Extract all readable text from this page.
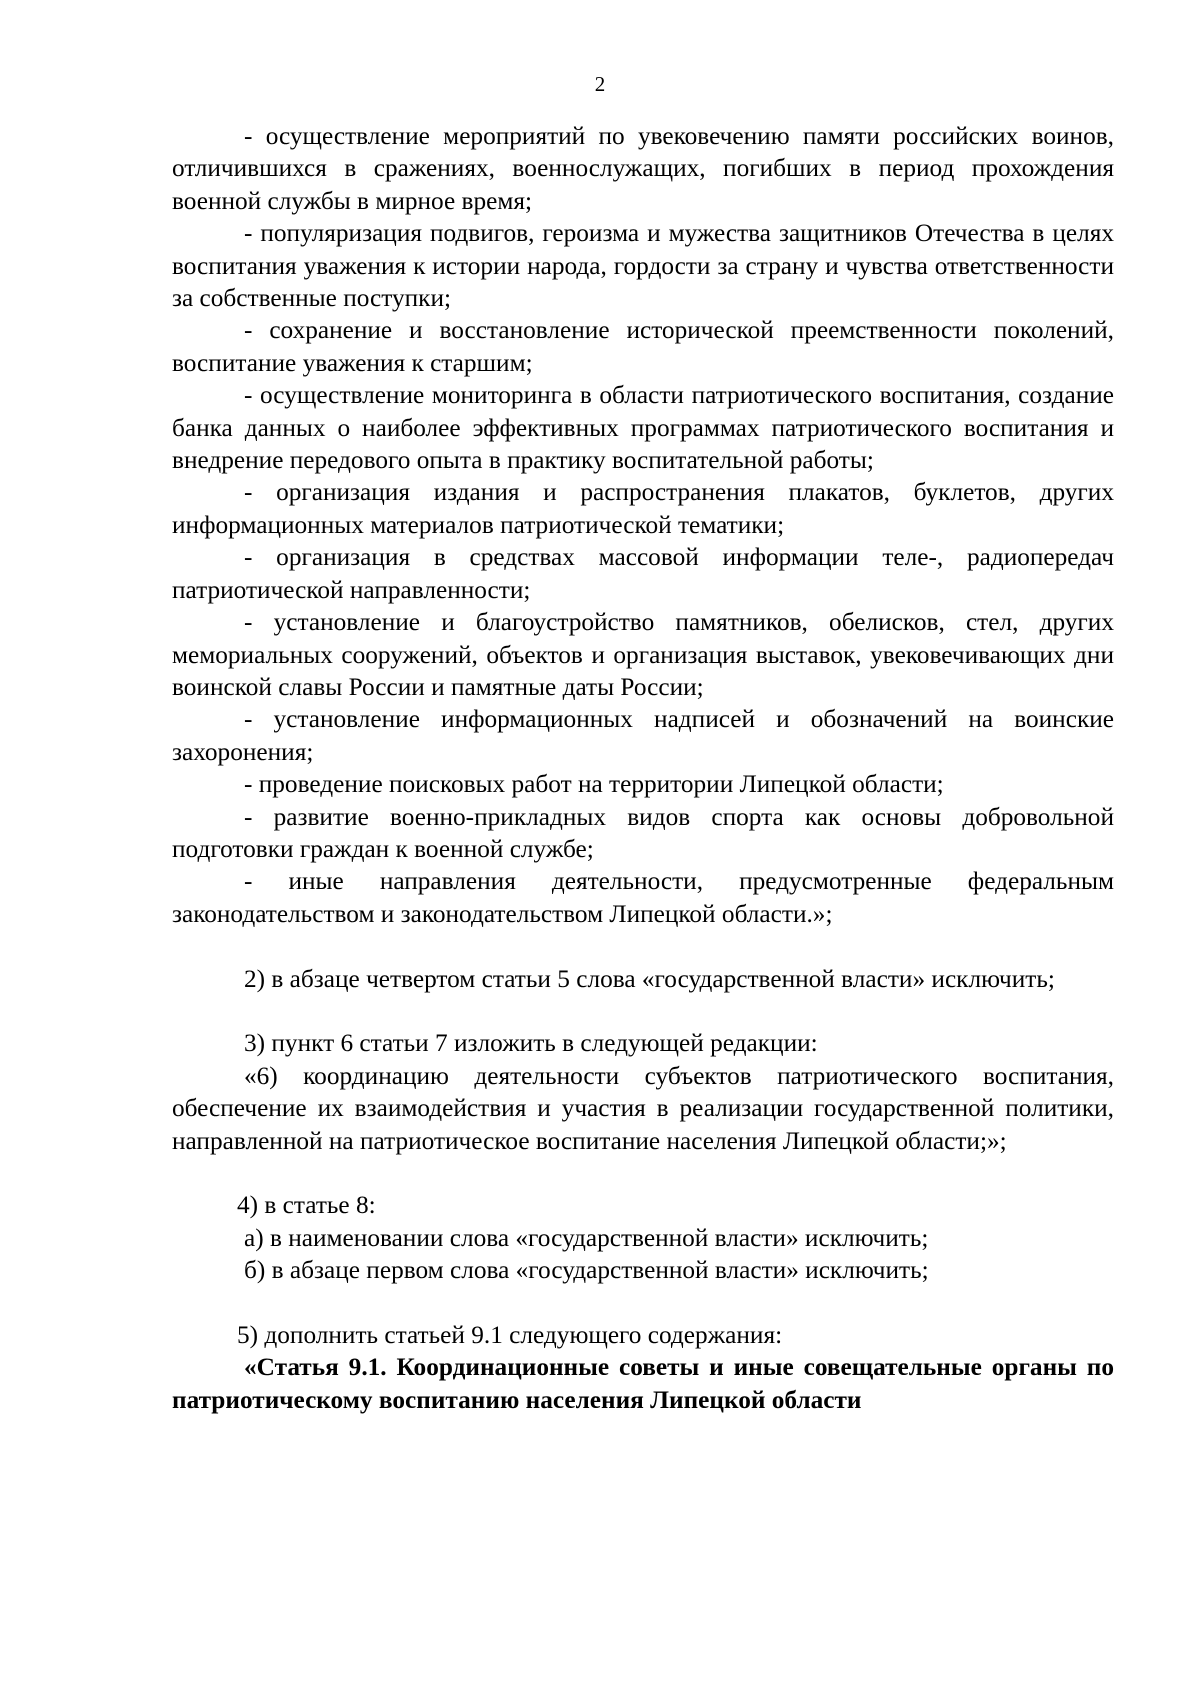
2

- осуществление мероприятий по увековечению памяти российских воинов, отличившихся в сражениях, военнослужащих, погибших в период прохождения военной службы в мирное время;

- популяризация подвигов, героизма и мужества защитников Отечества в целях воспитания уважения к истории народа, гордости за страну и чувства ответственности за собственные поступки;

- сохранение и восстановление исторической преемственности поколений, воспитание уважения к старшим;

- осуществление мониторинга в области патриотического воспитания, создание банка данных о наиболее эффективных программах патриотического воспитания и внедрение передового опыта в практику воспитательной работы;

- организация издания и распространения плакатов, буклетов, других информационных материалов патриотической тематики;

- организация в средствах массовой информации теле-, радиопередач патриотической направленности;

- установление и благоустройство памятников, обелисков, стел, других мемориальных сооружений, объектов и организация выставок, увековечивающих дни воинской славы России и памятные даты России;

- установление информационных надписей и обозначений на воинские захоронения;

- проведение поисковых работ на территории Липецкой области;

- развитие военно-прикладных видов спорта как основы добровольной подготовки граждан к военной службе;

- иные направления деятельности, предусмотренные федеральным законодательством и законодательством Липецкой области.»;

2) в абзаце четвертом статьи 5 слова «государственной власти» исключить;

3) пункт 6 статьи 7 изложить в следующей редакции:

«6) координацию деятельности субъектов патриотического воспитания, обеспечение их взаимодействия и участия в реализации государственной политики, направленной на патриотическое воспитание населения Липецкой области;»;

4) в статье 8:

а) в наименовании слова «государственной власти» исключить;

б) в абзаце первом слова «государственной власти» исключить;

5) дополнить статьей 9.1 следующего содержания:

«Статья 9.1. Координационные советы и иные совещательные органы по патриотическому воспитанию населения Липецкой области
